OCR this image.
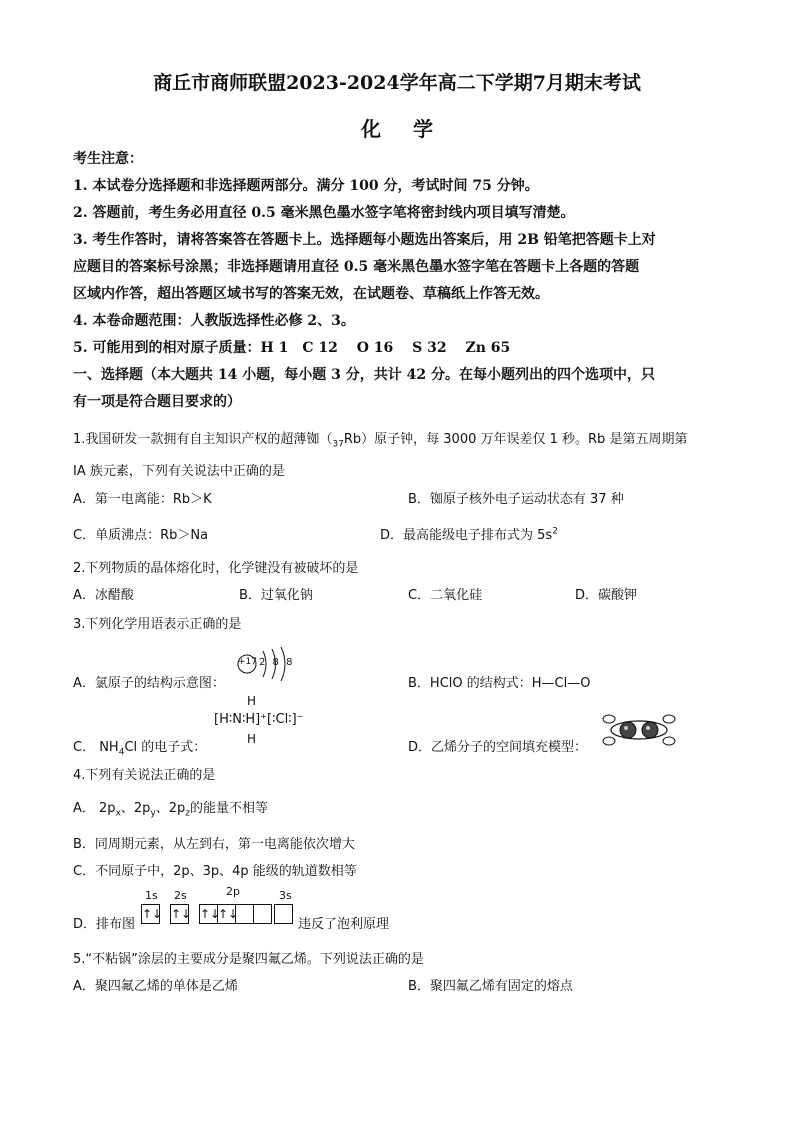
商丘市商师联盟2023-2024学年高二下学期7月期末考试
化学
考生注意：
1. 本试卷分选择题和非选择题两部分。满分 100 分，考试时间 75 分钟。
2. 答题前，考生务必用直径 0.5 毫米黑色墨水签字笔将密封线内项目填写清楚。
3. 考生作答时，请将答案答在答题卡上。选择题每小题选出答案后，用 2B 铅笔把答题卡上对
应题目的答案标号涂黑；非选择题请用直径 0.5 毫米黑色墨水签字笔在答题卡上各题的答题
区域内作答，超出答题区域书写的答案无效，在试题卷、草稿纸上作答无效。
4. 本卷命题范围：人教版选择性必修 2、3。
5. 可能用到的相对原子质量：H 1　C 12　 O 16　 S 32　 Zn 65
一、选择题（本大题共 14 小题，每小题 3 分，共计 42 分。在每小题列出的四个选项中，只
有一项是符合题目要求的）
1.我国研发一款拥有自主知识产权的超薄铷$(_{37}Rb)$原子钟，每 3000 万年误差仅 1 秒。Rb 是第五周期第
ⅠA 族元素，下列有关说法中正确的是
A．第一电离能：Rb＞K	B．铷原子核外电子运动状态有 37 种
C．单质沸点：Rb＞Na	D．最高能级电子排布式为 $5s^2$
2.下列物质的晶体熔化时，化学键没有被破坏的是
A．冰醋酸	B．过氧化钠	C．二氧化硅	D．碳酸钾
3.下列化学用语表示正确的是
A．氯原子的结构示意图：
+17 2 8 8
B．HClO 的结构式：H—Cl—O
C． $NH_4Cl$ 的电子式：
H
[H∶N∶H]⁺[∶Cl∶]⁻
H
D．乙烯分子的空间填充模型：
4.下列有关说法正确的是
A． $2p_x$、$2p_y$、$2p_z$的能量不相等
B．同周期元素，从左到右，第一电离能依次增大
C．不同原子中，2p、3p、4p 能级的轨道数相等
D．排布图
1s 2s	2p	3s
↑↓ ↑↓ ↑↓↑↓
违反了泡利原理
5.“不粘锅”涂层的主要成分是聚四氟乙烯。下列说法正确的是
A．聚四氟乙烯的单体是乙烯	B．聚四氟乙烯有固定的熔点
